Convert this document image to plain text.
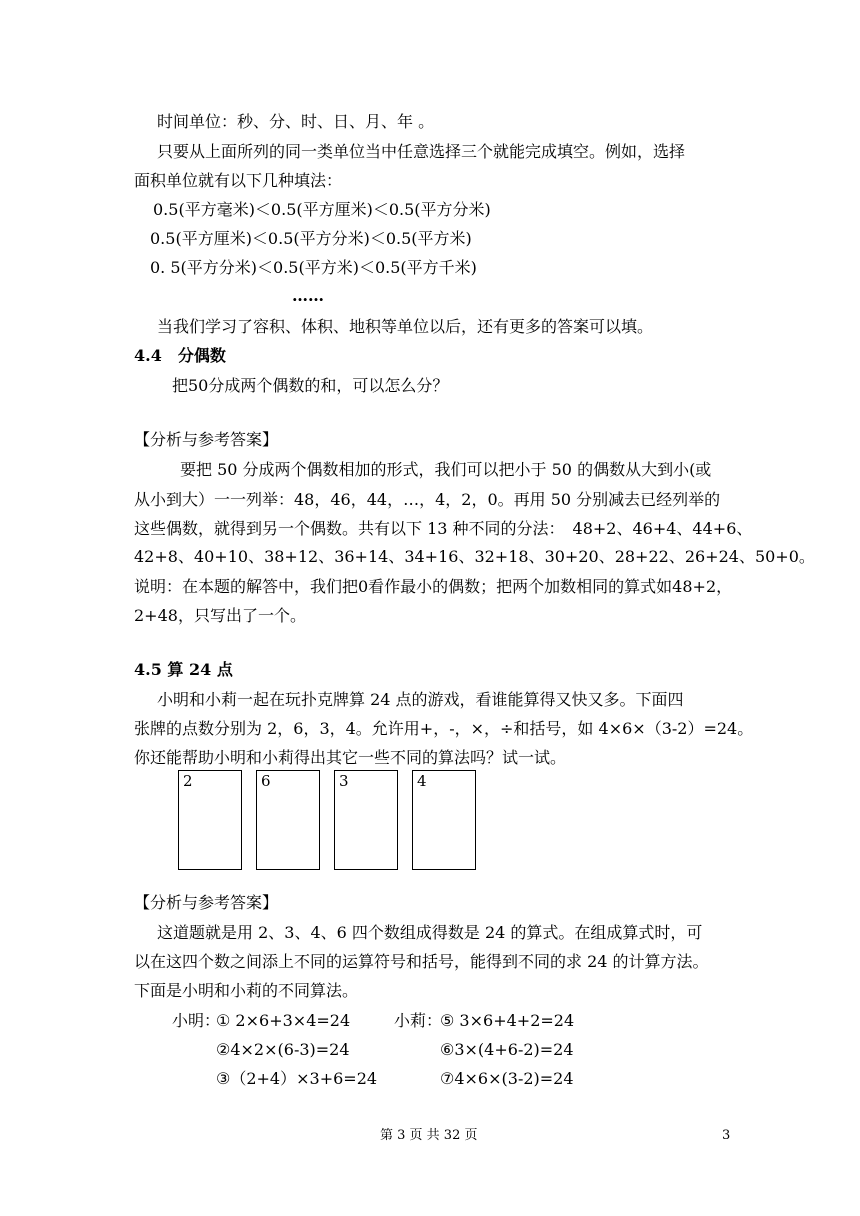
时间单位：秒、分、时、日、月、年 。
只要从上面所列的同一类单位当中任意选择三个就能完成填空。例如，选择
面积单位就有以下几种填法：
0.5(平方毫米)＜0.5(平方厘米)＜0.5(平方分米)
0.5(平方厘米)＜0.5(平方分米)＜0.5(平方米)
0. 5(平方分米)＜0.5(平方米)＜0.5(平方千米)
……
当我们学习了容积、体积、地积等单位以后，还有更多的答案可以填。
4.4　分偶数
把50分成两个偶数的和，可以怎么分？
【分析与参考答案】
要把 50 分成两个偶数相加的形式，我们可以把小于 50 的偶数从大到小(或
从小到大）一一列举：48，46，44，…，4，2，0。再用 50 分别减去已经列举的
这些偶数，就得到另一个偶数。共有以下 13 种不同的分法：　48+2、46+4、44+6、
42+8、40+10、38+12、36+14、34+16、32+18、30+20、28+22、26+24、50+0。
说明：在本题的解答中，我们把0看作最小的偶数；把两个加数相同的算式如48+2，
2+48，只写出了一个。
4.5 算 24 点
小明和小莉一起在玩扑克牌算 24 点的游戏，看谁能算得又快又多。下面四
张牌的点数分别为 2，6，3，4。允许用+，-，×，÷和括号，如 4×6×（3-2）=24。
你还能帮助小明和小莉得出其它一些不同的算法吗？试一试。
2	6	3	4
【分析与参考答案】
这道题就是用 2、3、4、6 四个数组成得数是 24 的算式。在组成算式时，可
以在这四个数之间添上不同的运算符号和括号，能得到不同的求 24 的计算方法。
下面是小明和小莉的不同算法。
小明：
① 2×6+3×4=24
②4×2×(6-3)=24
③（2+4）×3+6=24
小莉：
⑤ 3×6+4+2=24
⑥3×(4+6-2)=24
⑦4×6×(3-2)=24
第 3 页 共 32 页	3
